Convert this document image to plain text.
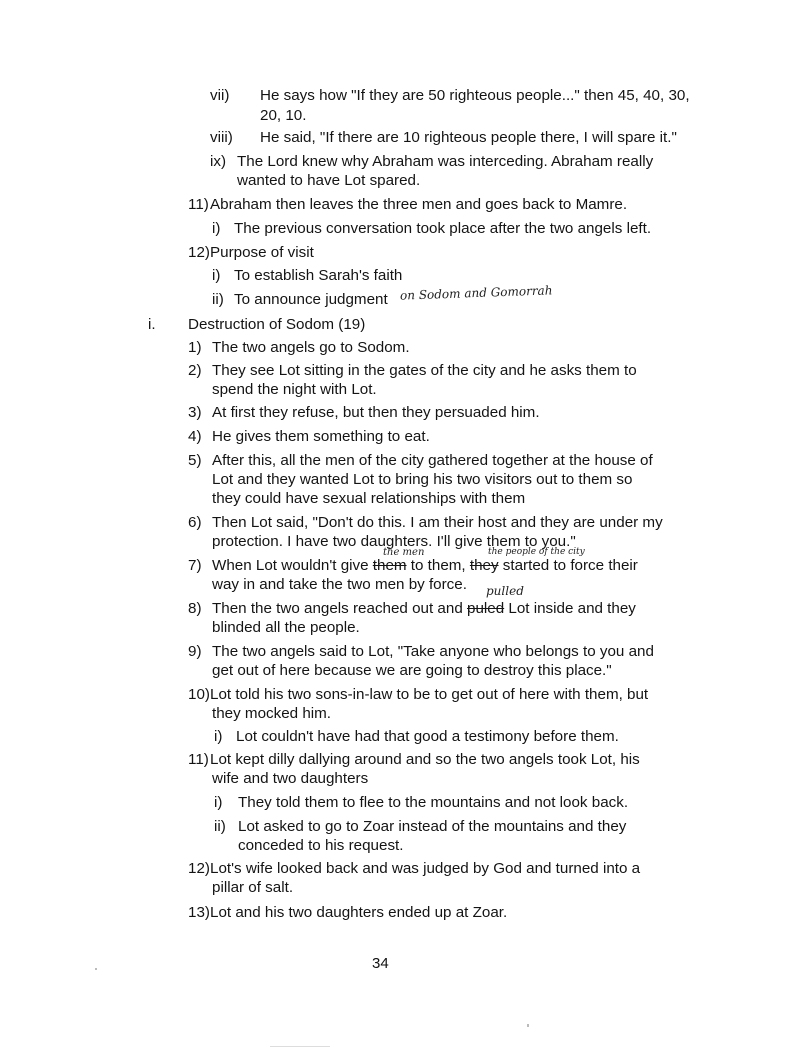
vii) He says how "If they are 50 righteous people..." then 45, 40, 30,
20, 10.
viii) He said, "If there are 10 righteous people there, I will spare it."
ix) The Lord knew why Abraham was interceding. Abraham really
wanted to have Lot spared.
11) Abraham then leaves the three men and goes back to Mamre.
i) The previous conversation took place after the two angels left.
12) Purpose of visit
i) To establish Sarah's faith
ii) To announce judgment on Sodom and Gomorrah
i. Destruction of Sodom (19)
1) The two angels go to Sodom.
2) They see Lot sitting in the gates of the city and he asks them to
spend the night with Lot.
3) At first they refuse, but then they persuaded him.
4) He gives them something to eat.
5) After this, all the men of the city gathered together at the house of
Lot and they wanted Lot to bring his two visitors out to them so
they could have sexual relationships with them
6) Then Lot said, "Don't do this. I am their host and they are under my
protection. I have two daughters. I'll give them to you."
the men	the people of the city
7) When Lot wouldn't give them to them, they started to force their
way in and take the two men by force. pulled
8) Then the two angels reached out and puled Lot inside and they
blinded all the people.
9) The two angels said to Lot, "Take anyone who belongs to you and
get out of here because we are going to destroy this place."
10) Lot told his two sons-in-law to be to get out of here with them, but
they mocked him.
i) Lot couldn't have had that good a testimony before them.
11) Lot kept dilly dallying around and so the two angels took Lot, his
wife and two daughters
i) They told them to flee to the mountains and not look back.
ii) Lot asked to go to Zoar instead of the mountains and they
conceded to his request.
12) Lot's wife looked back and was judged by God and turned into a
pillar of salt.
13) Lot and his two daughters ended up at Zoar.
34
